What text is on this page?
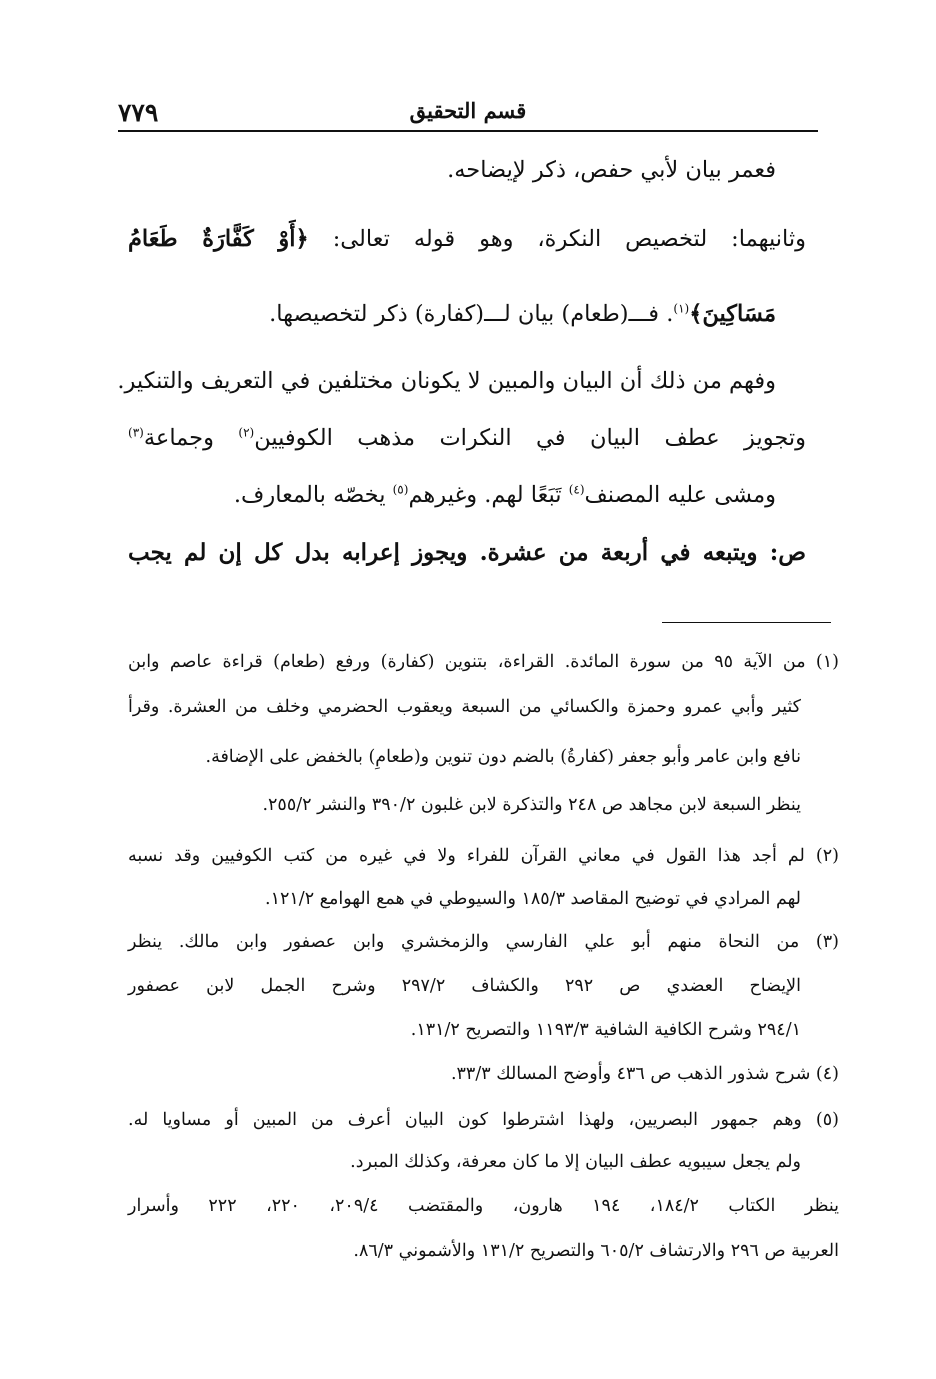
٧٧٩	قسم التحقيق
فعمر بيان لأبي حفص، ذكر لإيضاحه.
وثانيهما: لتخصيص النكرة، وهو قوله تعالى: ﴿أَوْ كَفَّارَةٌ طَعَامُ
مَسَاكِينَ﴾$^{(١)}$. فـــ(طعام) بيان لـــ(كفارة) ذكر لتخصيصها.
وفهم من ذلك أن البيان والمبين لا يكونان مختلفين في التعريف والتنكير.
وتجويز عطف البيان في النكرات مذهب الكوفيين$^{(٢)}$ وجماعة$^{(٣)}$
ومشى عليه المصنف$^{(٤)}$ تَبَعًا لهم. وغيرهم$^{(٥)}$ يخصّه بالمعارف.
ص: ويتبعه في أربعة من عشرة. ويجوز إعرابه بدل كل إن لم يجب
(١) من الآية ٩٥ من سورة المائدة. القراءة، بتنوين (كفارة) ورفع (طعام) قراءة عاصم وابن
كثير وأبي عمرو وحمزة والكسائي من السبعة ويعقوب الحضرمي وخلف من العشرة. وقرأ
نافع وابن عامر وأبو جعفر (كفارةُ) بالضم دون تنوين و(طعامِ) بالخفض على الإضافة.
ينظر السبعة لابن مجاهد ص ٢٤٨ والتذكرة لابن غلبون ٣٩٠/٢ والنشر ٢٥٥/٢.
(٢) لم أجد هذا القول في معاني القرآن للفراء ولا في غيره من كتب الكوفيين وقد نسبه
لهم المرادي في توضيح المقاصد ١٨٥/٣ والسيوطي في همع الهوامع ١٢١/٢.
(٣) من النحاة منهم أبو علي الفارسي والزمخشري وابن عصفور وابن مالك. ينظر
الإيضاح العضدي ص ٢٩٢ والكشاف ٢٩٧/٢ وشرح الجمل لابن عصفور
٢٩٤/١ وشرح الكافية الشافية ١١٩٣/٣ والتصريح ١٣١/٢.
(٤) شرح شذور الذهب ص ٤٣٦ وأوضح المسالك ٣٣/٣.
(٥) وهم جمهور البصريين، ولهذا اشترطوا كون البيان أعرف من المبين أو مساويا له.
ولم يجعل سيبويه عطف البيان إلا ما كان معرفة، وكذلك المبرد.
ينظر الكتاب ١٨٤/٢، ١٩٤ هارون، والمقتضب ٢٠٩/٤، ٢٢٠، ٢٢٢ وأسرار
العربية ص ٢٩٦ والارتشاف ٦٠٥/٢ والتصريح ١٣١/٢ والأشموني ٨٦/٣.
